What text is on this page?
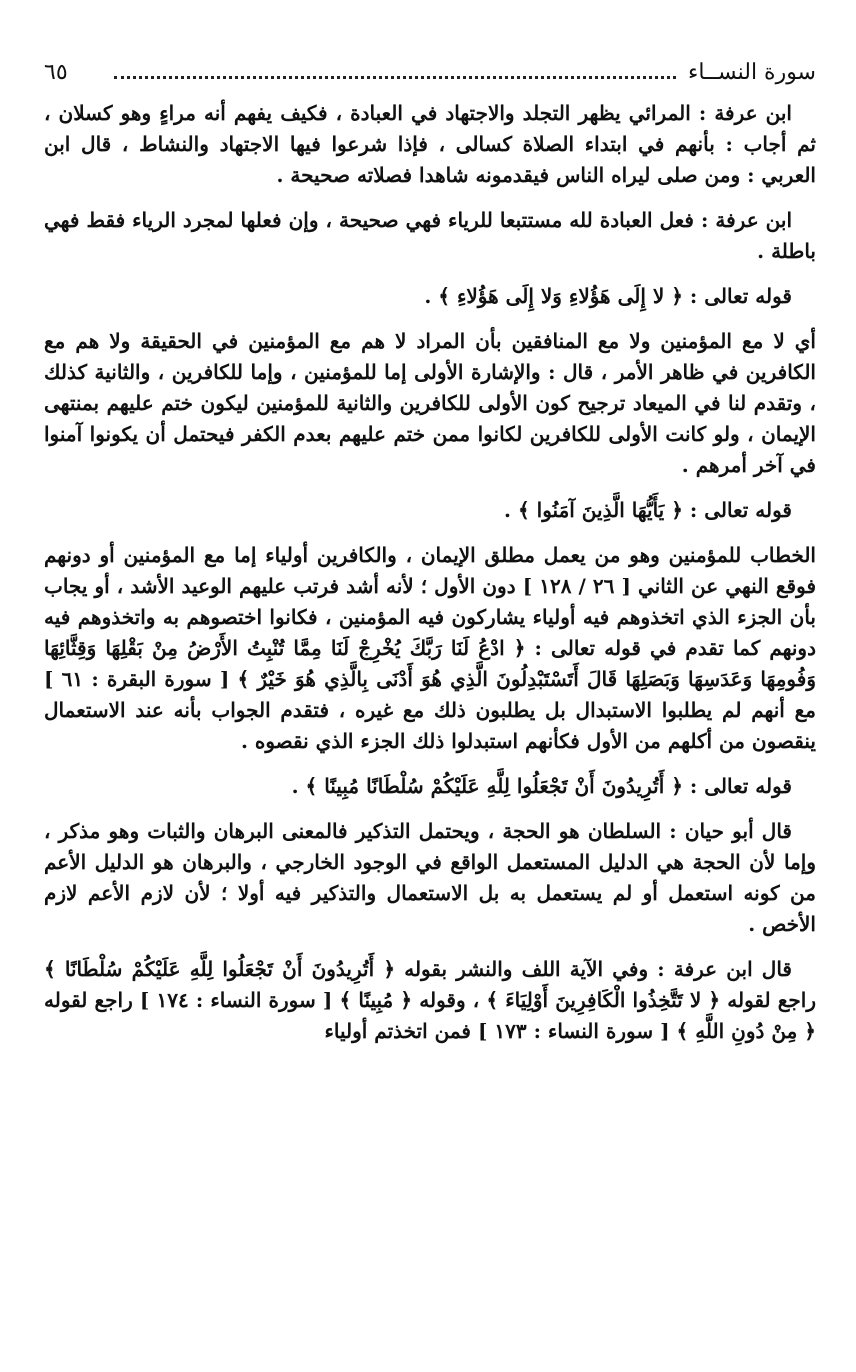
سورة النســاء
٦٥

ابن عرفة : المرائي يظهر التجلد والاجتهاد في العبادة ، فكيف يفهم أنه مراءٍ وهو كسلان ، ثم أجاب : بأنهم في ابتداء الصلاة كسالى ، فإذا شرعوا فيها الاجتهاد والنشاط ، قال ابن العربي : ومن صلى ليراه الناس فيقدمونه شاهدا فصلاته صحيحة .

ابن عرفة : فعل العبادة لله مستتبعا للرياء فهي صحيحة ، وإن فعلها لمجرد الرياء فقط فهي باطلة .

قوله تعالى : ﴿ لا إِلَى هَؤُلاءِ وَلا إِلَى هَؤُلاءِ ﴾ .

أي لا مع المؤمنين ولا مع المنافقين بأن المراد لا هم مع المؤمنين في الحقيقة ولا هم مع الكافرين في ظاهر الأمر ، قال : والإشارة الأولى إما للمؤمنين ، وإما للكافرين ، والثانية كذلك ، وتقدم لنا في الميعاد ترجيح كون الأولى للكافرين والثانية للمؤمنين ليكون ختم عليهم بمنتهى الإيمان ، ولو كانت الأولى للكافرين لكانوا ممن ختم عليهم بعدم الكفر فيحتمل أن يكونوا آمنوا في آخر أمرهم .

قوله تعالى : ﴿ يَأَيُّهَا الَّذِينَ آمَنُوا ﴾ .

الخطاب للمؤمنين وهو من يعمل مطلق الإيمان ، والكافرين أولياء إما مع المؤمنين أو دونهم فوقع النهي عن الثاني [ ٢٦ / ١٢٨ ] دون الأول ؛ لأنه أشد فرتب عليهم الوعيد الأشد ، أو يجاب بأن الجزء الذي اتخذوهم فيه أولياء يشاركون فيه المؤمنين ، فكانوا اختصوهم به واتخذوهم فيه دونهم كما تقدم في قوله تعالى : ﴿ ادْعُ لَنَا رَبَّكَ يُخْرِجْ لَنَا مِمَّا تُنْبِتُ الأَرْضُ مِنْ بَقْلِهَا وَقِثَّائِهَا وَفُومِهَا وَعَدَسِهَا وَبَصَلِهَا قَالَ أَتَسْتَبْدِلُونَ الَّذِي هُوَ أَدْنَى بِالَّذِي هُوَ خَيْرٌ ﴾ [ سورة البقرة : ٦١ ] مع أنهم لم يطلبوا الاستبدال بل يطلبون ذلك مع غيره ، فتقدم الجواب بأنه عند الاستعمال ينقصون من أكلهم من الأول فكأنهم استبدلوا ذلك الجزء الذي نقصوه .

قوله تعالى : ﴿ أَتُرِيدُونَ أَنْ تَجْعَلُوا لِلَّهِ عَلَيْكُمْ سُلْطَانًا مُبِينًا ﴾ .

قال أبو حيان : السلطان هو الحجة ، ويحتمل التذكير فالمعنى البرهان والثبات وهو مذكر ، وإما لأن الحجة هي الدليل المستعمل الواقع في الوجود الخارجي ، والبرهان هو الدليل الأعم من كونه استعمل أو لم يستعمل به بل الاستعمال والتذكير فيه أولا ؛ لأن لازم الأعم لازم الأخص .

قال ابن عرفة : وفي الآية اللف والنشر بقوله ﴿ أَتُرِيدُونَ أَنْ تَجْعَلُوا لِلَّهِ عَلَيْكُمْ سُلْطَانًا ﴾ راجع لقوله ﴿ لا تَتَّخِذُوا الْكَافِرِينَ أَوْلِيَاءَ ﴾ ، وقوله ﴿ مُبِينًا ﴾ [ سورة النساء : ١٧٤ ] راجع لقوله ﴿ مِنْ دُونِ اللَّهِ ﴾ [ سورة النساء : ١٧٣ ] فمن اتخذتم أولياء
